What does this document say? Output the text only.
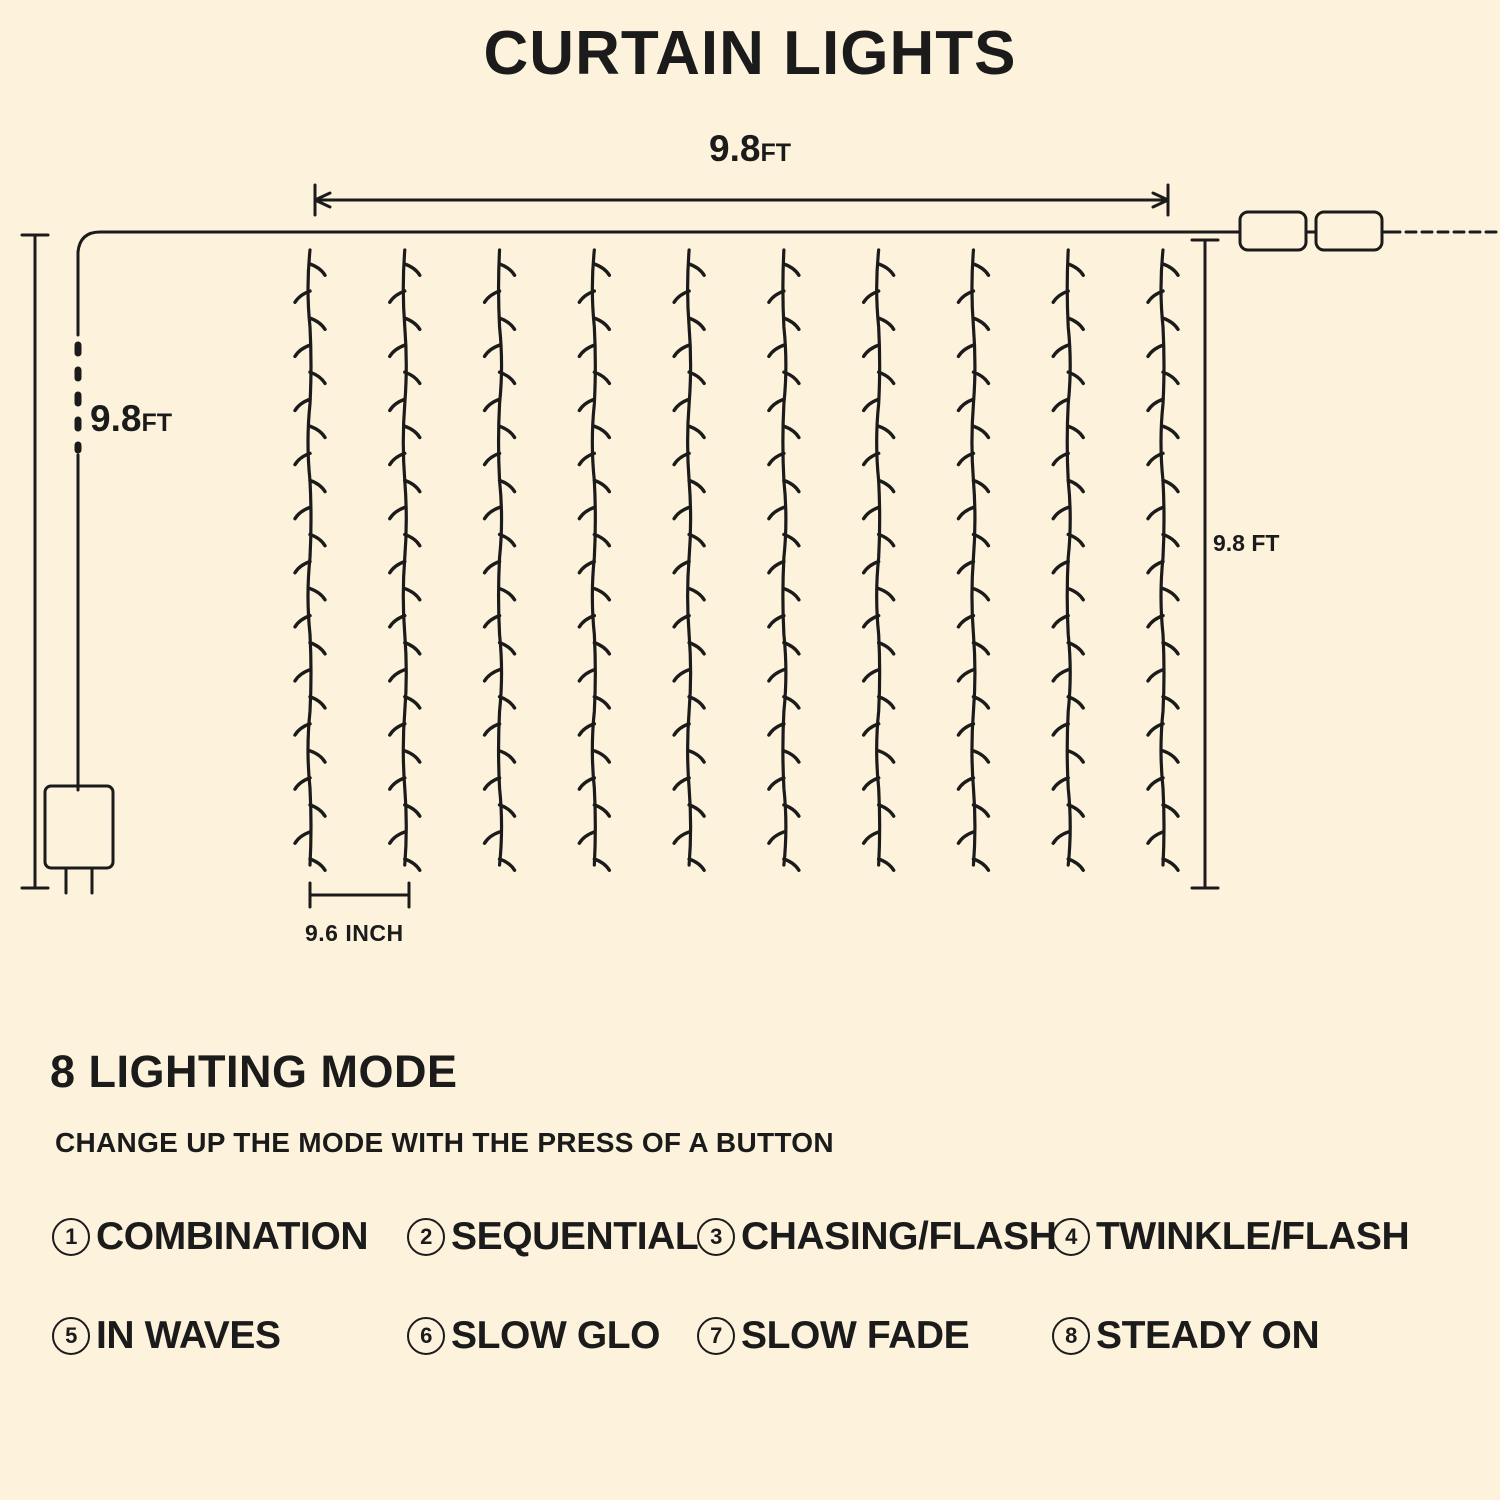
CURTAIN LIGHTS
9.8FT
9.8FT
9.8 FT
9.6 INCH
8 LIGHTING MODE
CHANGE UP THE MODE WITH THE PRESS OF A BUTTON
1 COMBINATION	2 SEQUENTIAL 3 CHASING/FLASH 4 TWINKLE/FLASH
5 IN WAVES	6 SLOW GLO	7 SLOW FADE	8 STEADY ON
